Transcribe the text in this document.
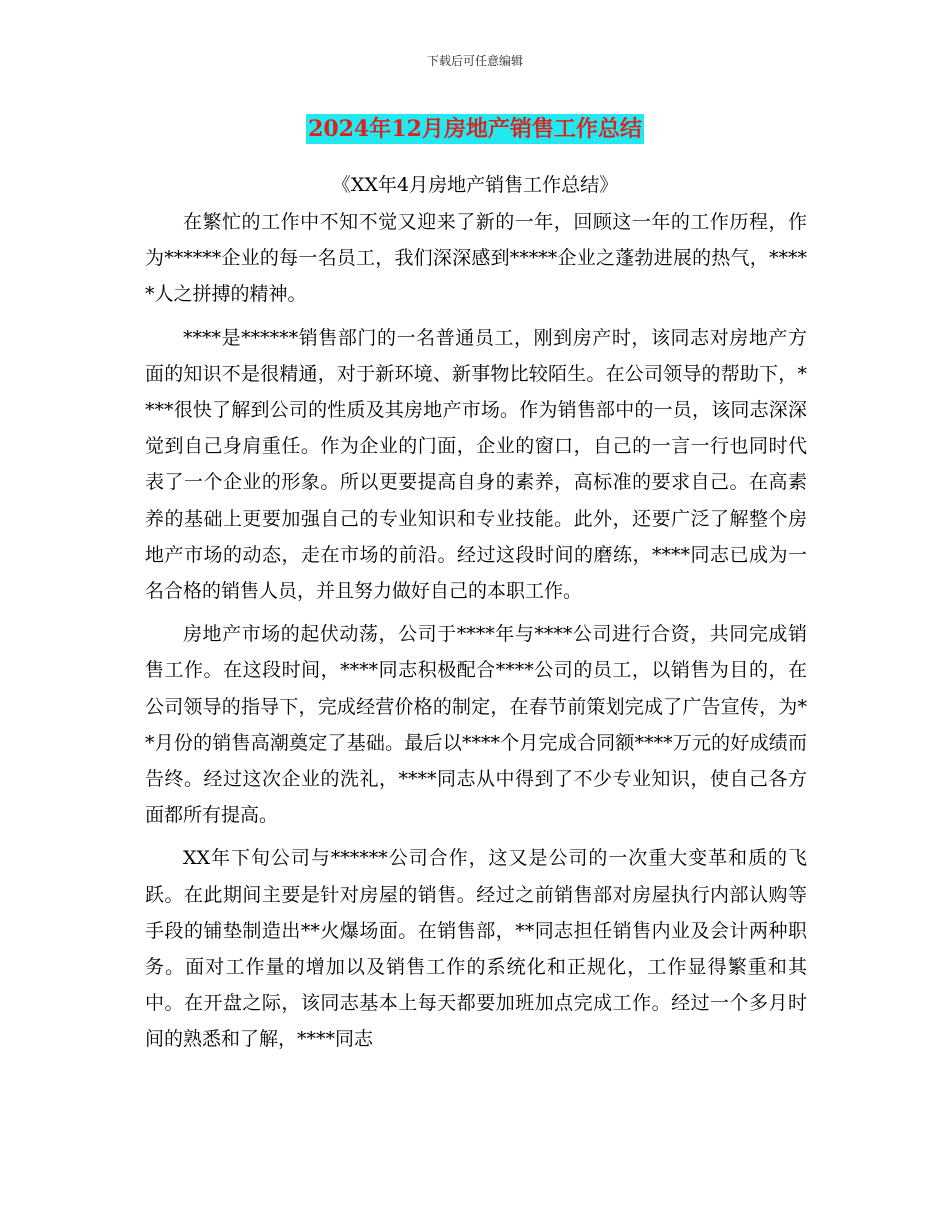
下载后可任意编辑
2024年12月房地产销售工作总结
《XX年4月房地产销售工作总结》

在繁忙的工作中不知不觉又迎来了新的一年，回顾这一年的工作历程，作为******企业的每一名员工，我们深深感到*****企业之蓬勃进展的热气，*****人之拼搏的精神。

****是******销售部门的一名普通员工，刚到房产时，该同志对房地产方面的知识不是很精通，对于新环境、新事物比较陌生。在公司领导的帮助下，****很快了解到公司的性质及其房地产市场。作为销售部中的一员，该同志深深觉到自己身肩重任。作为企业的门面，企业的窗口，自己的一言一行也同时代表了一个企业的形象。所以更要提高自身的素养，高标准的要求自己。在高素养的基础上更要加强自己的专业知识和专业技能。此外，还要广泛了解整个房地产市场的动态，走在市场的前沿。经过这段时间的磨练，****同志已成为一名合格的销售人员，并且努力做好自己的本职工作。

房地产市场的起伏动荡，公司于****年与****公司进行合资，共同完成销售工作。在这段时间，****同志积极配合****公司的员工，以销售为目的，在公司领导的指导下，完成经营价格的制定，在春节前策划完成了广告宣传，为**月份的销售高潮奠定了基础。最后以****个月完成合同额****万元的好成绩而告终。经过这次企业的洗礼，****同志从中得到了不少专业知识，使自己各方面都所有提高。

XX年下旬公司与******公司合作，这又是公司的一次重大变革和质的飞跃。在此期间主要是针对房屋的销售。经过之前销售部对房屋执行内部认购等手段的铺垫制造出**火爆场面。在销售部，**同志担任销售内业及会计两种职务。面对工作量的增加以及销售工作的系统化和正规化，工作显得繁重和其中。在开盘之际，该同志基本上每天都要加班加点完成工作。经过一个多月时间的熟悉和了解，****同志
